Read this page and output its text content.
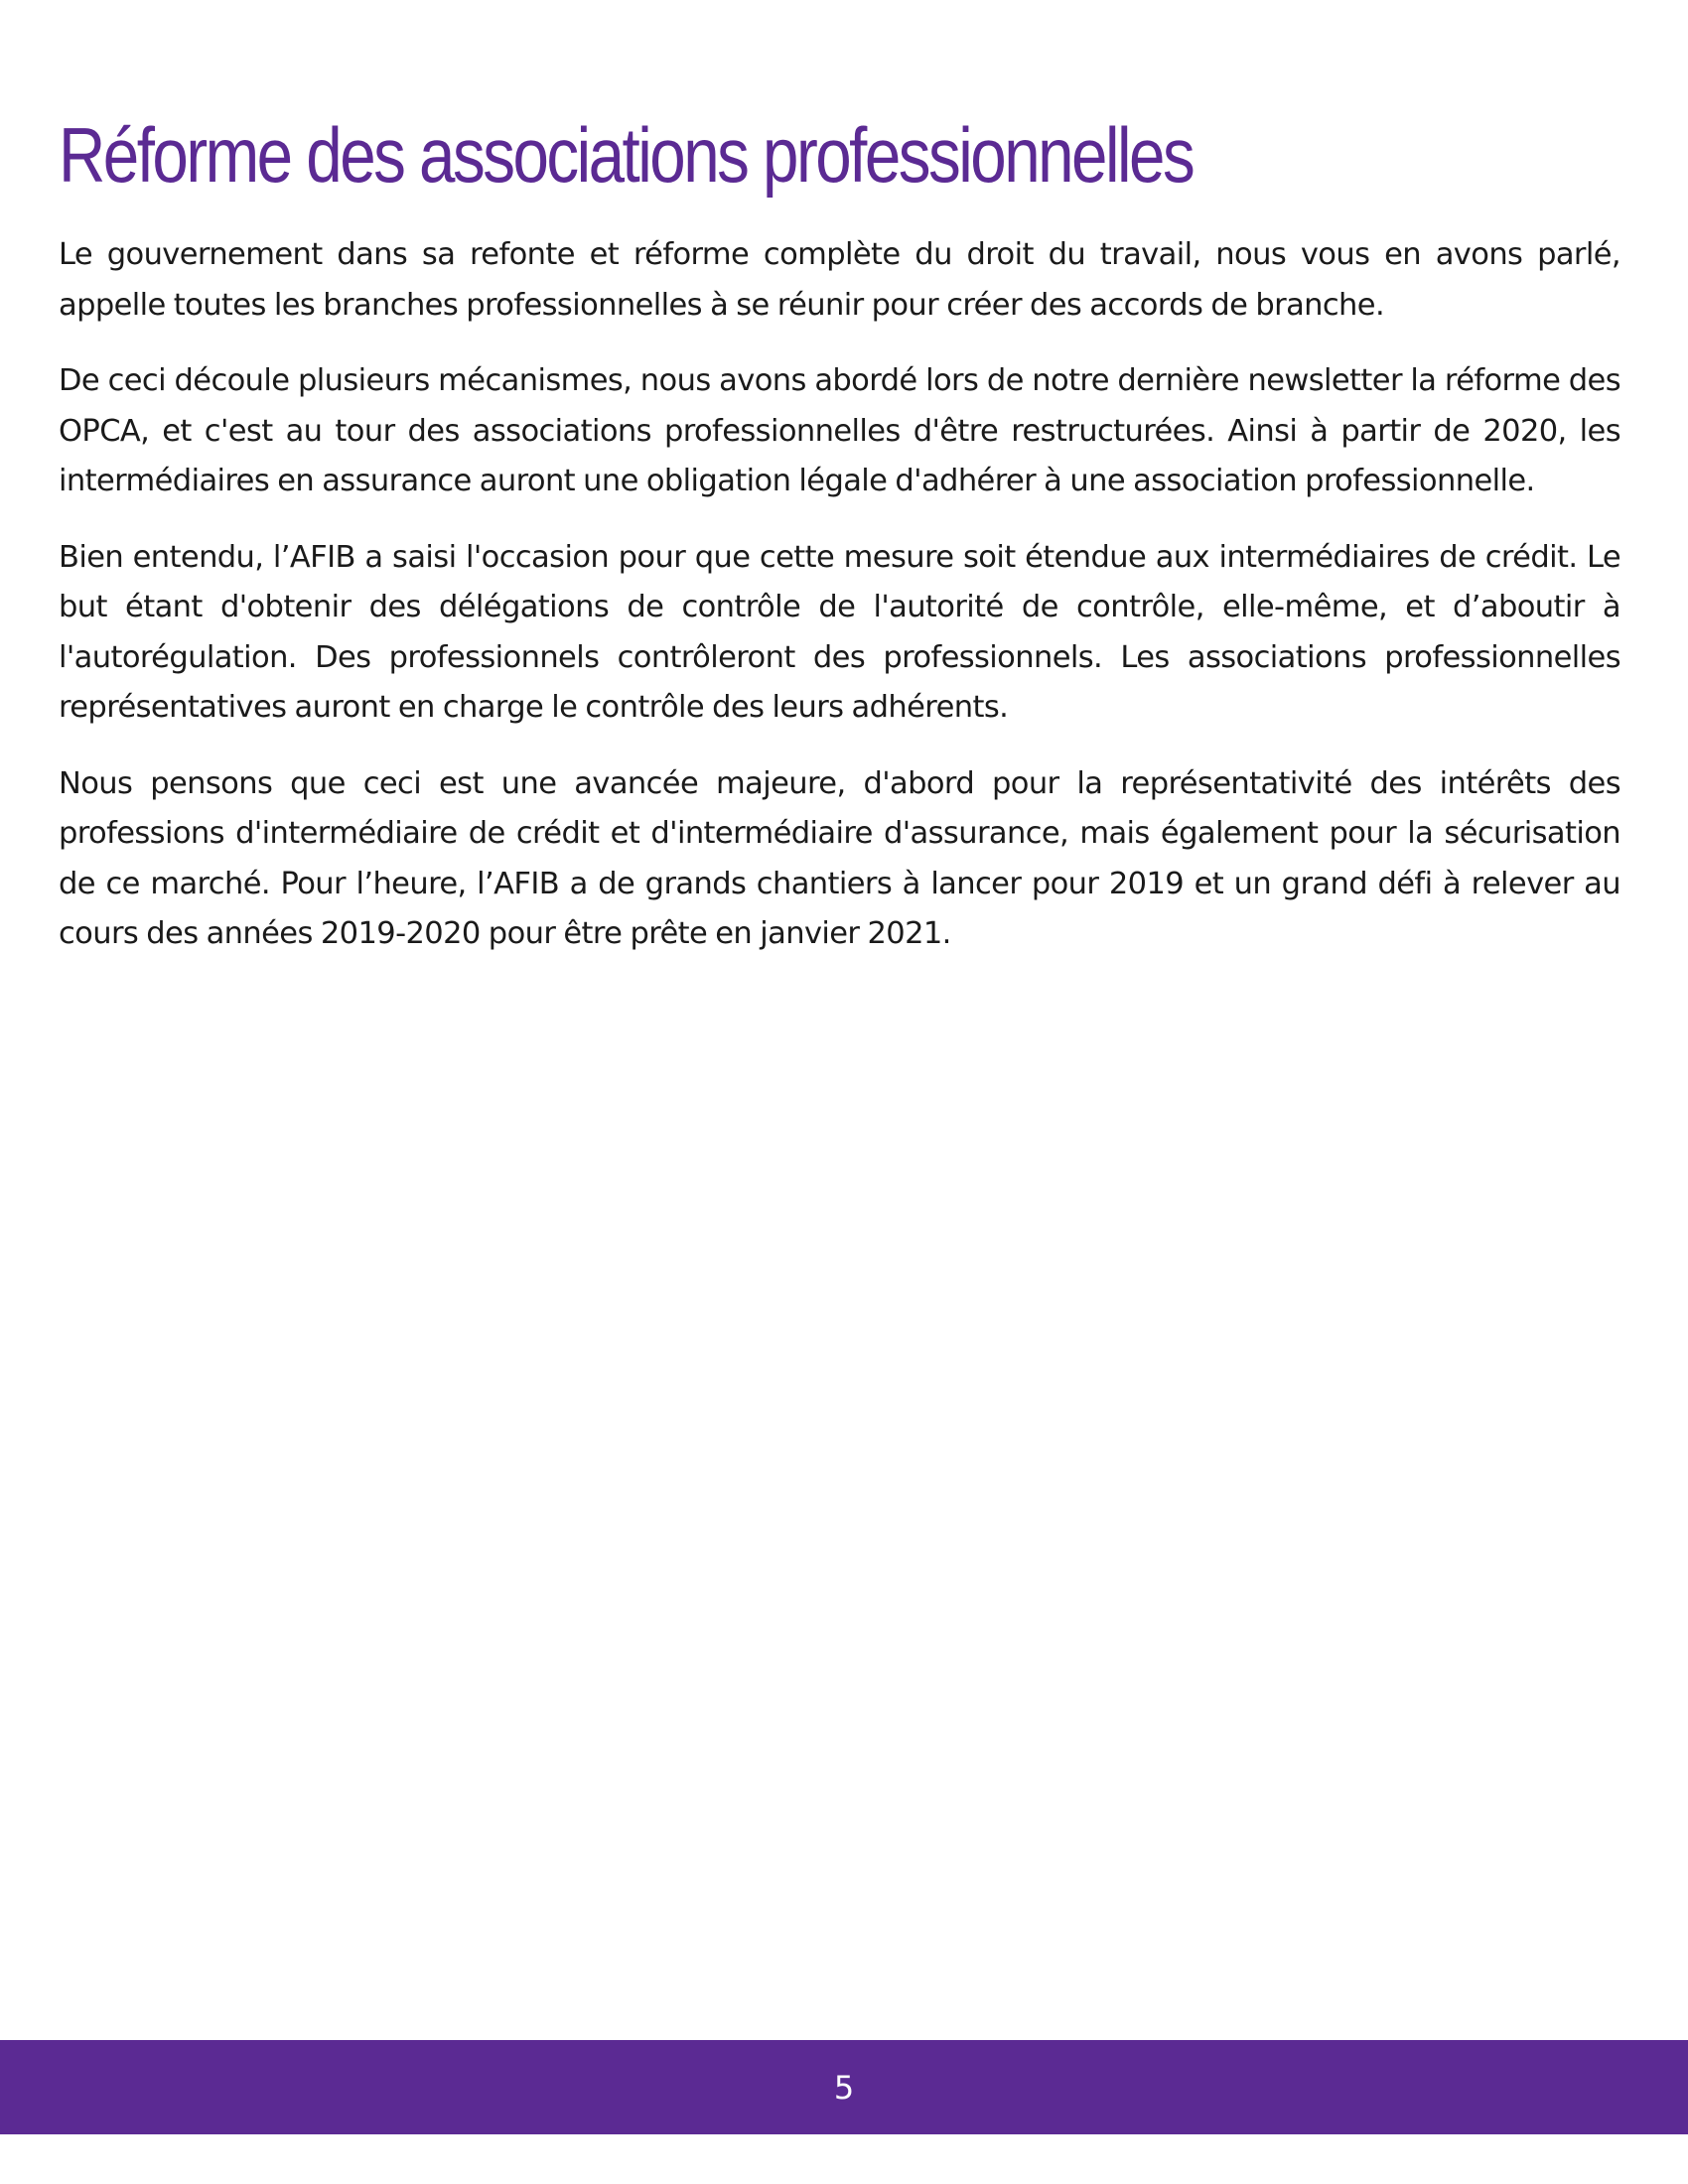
Réforme des associations professionnelles

Le gouvernement dans sa refonte et réforme complète du droit du travail, nous vous en avons parlé, appelle toutes les branches professionnelles à se réunir pour créer des accords de branche.

De ceci découle plusieurs mécanismes, nous avons abordé lors de notre dernière newsletter la réforme des OPCA, et c'est au tour des associations professionnelles d'être restructurées. Ainsi à partir de 2020, les intermédiaires en assurance auront une obligation légale d'adhérer à une association professionnelle.

Bien entendu, l’AFIB a saisi l'occasion pour que cette mesure soit étendue aux intermédiaires de crédit. Le but étant d'obtenir des délégations de contrôle de l'autorité de contrôle, elle-même, et d’aboutir à l'autorégulation. Des professionnels contrôleront des professionnels. Les associations professionnelles représentatives auront en charge le contrôle des leurs adhérents.

Nous pensons que ceci est une avancée majeure, d'abord pour la représentativité des intérêts des professions d'intermédiaire de crédit et d'intermédiaire d'assurance, mais également pour la sécurisation de ce marché. Pour l’heure, l’AFIB a de grands chantiers à lancer pour 2019 et un grand défi à relever au cours des années 2019-2020 pour être prête en janvier 2021.

5
